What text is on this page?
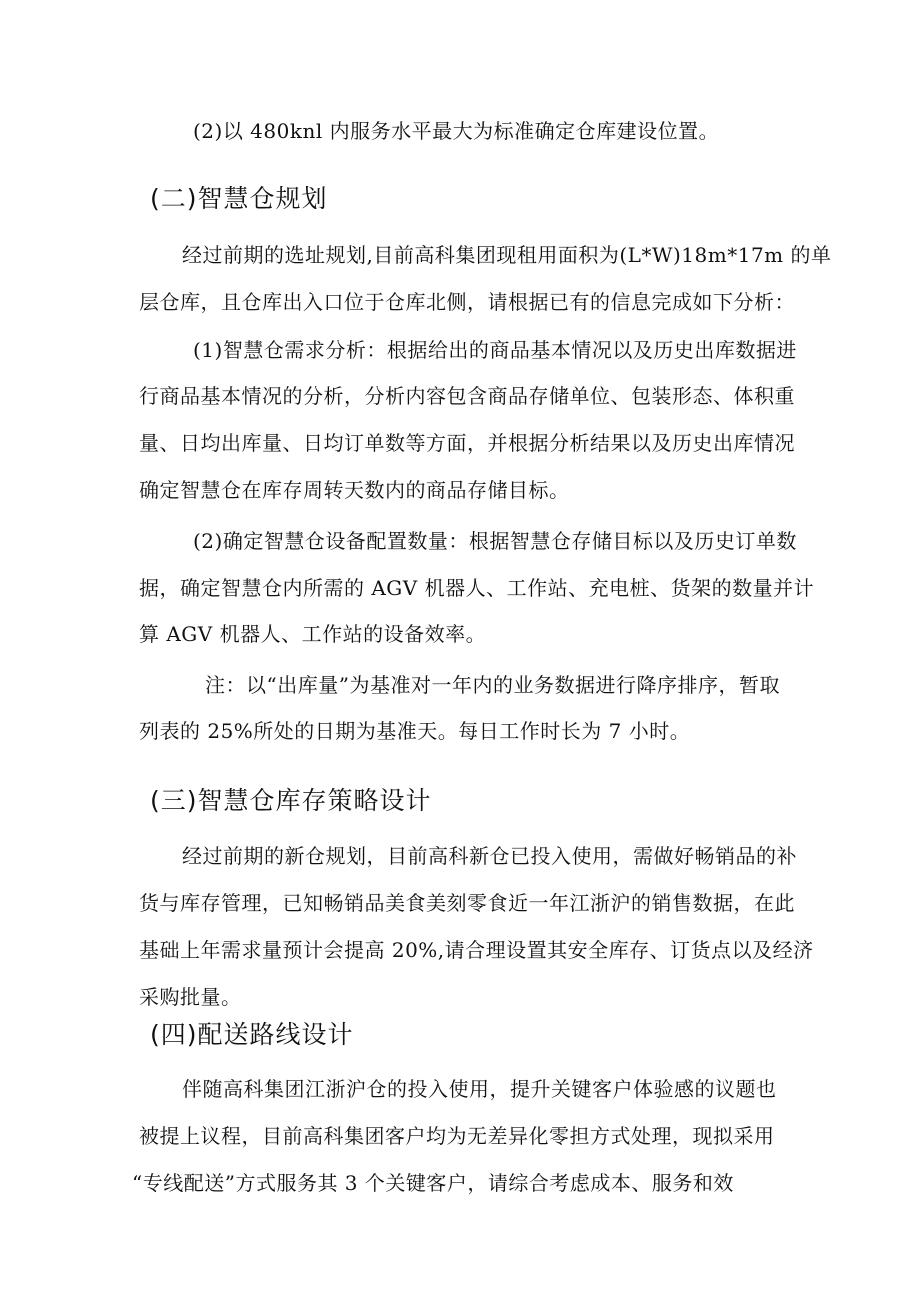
(2)以 480knl 内服务水平最大为标准确定仓库建设位置。
(二)智慧仓规划
经过前期的选址规划,目前高科集团现租用面积为(L*W)18m*17m 的单
层仓库，且仓库出入口位于仓库北侧，请根据已有的信息完成如下分析：
(1)智慧仓需求分析：根据给出的商品基本情况以及历史出库数据进
行商品基本情况的分析，分析内容包含商品存储单位、包装形态、体积重
量、日均出库量、日均订单数等方面，并根据分析结果以及历史出库情况
确定智慧仓在库存周转天数内的商品存储目标。
(2)确定智慧仓设备配置数量：根据智慧仓存储目标以及历史订单数
据，确定智慧仓内所需的 AGV 机器人、工作站、充电桩、货架的数量并计
算 AGV 机器人、工作站的设备效率。
注：以“出库量”为基准对一年内的业务数据进行降序排序，暂取
列表的 25%所处的日期为基准天。每日工作时长为 7 小时。
(三)智慧仓库存策略设计
经过前期的新仓规划，目前高科新仓已投入使用，需做好畅销品的补
货与库存管理，已知畅销品美食美刻零食近一年江浙沪的销售数据，在此
基础上年需求量预计会提高 20%,请合理设置其安全库存、订货点以及经济
采购批量。
(四)配送路线设计
伴随高科集团江浙沪仓的投入使用，提升关键客户体验感的议题也
被提上议程，目前高科集团客户均为无差异化零担方式处理，现拟采用
“专线配送”方式服务其 3 个关键客户，请综合考虑成本、服务和效
